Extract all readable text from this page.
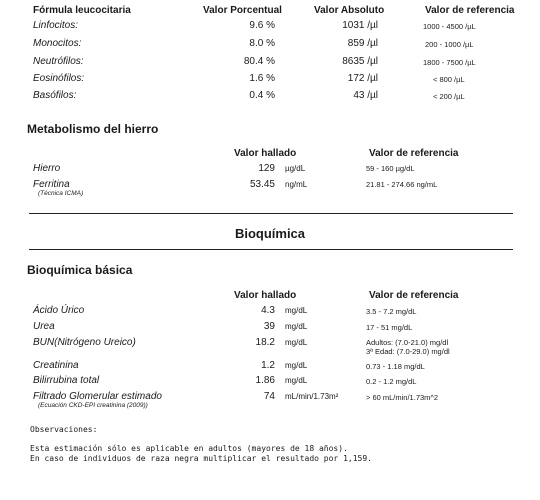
Fórmula leucocitaria	Valor Porcentual	Valor Absoluto	Valor de referencia
Linfocitos:	9.6 %	1031 /µl	1000 - 4500 /µL
Monocitos:	8.0 %	859 /µl	200 - 1000 /µL
Neutrófilos:	80.4 %	8635 /µl	1800 - 7500 /µL
Eosinófilos:	1.6 %	172 /µl	< 800 /µL
Basófilos:	0.4 %	43 /µl	< 200 /µL
Metabolismo del hierro
Valor hallado	Valor de referencia
Hierro	129 µg/dL	59 - 160 µg/dL
Ferritina
(Técnica ICMA)
53.45 ng/mL	21.81 - 274.66 ng/mL
Bioquímica
Bioquímica básica
Valor hallado	Valor de referencia
Ácido Úrico	4.3 mg/dL	3.5 - 7.2 mg/dL
Urea	39 mg/dL	17 - 51 mg/dL
BUN(Nitrógeno Ureico)	18.2 mg/dL	Adultos: (7.0-21.0) mg/dl
3ª Edad: (7.0-29.0) mg/dl
Creatinina	1.2 mg/dL	0.73 - 1.18 mg/dL
Bilirrubina total	1.86 mg/dL	0.2 - 1.2 mg/dL
Filtrado Glomerular estimado
(Ecuación CKD-EPI creatinina (2009))
74 mL/min/1.73m²	> 60 mL/min/1.73m^2
Observaciones:
Esta estimación sólo es aplicable en adultos (mayores de 18 años).
En caso de individuos de raza negra multiplicar el resultado por 1,159.
